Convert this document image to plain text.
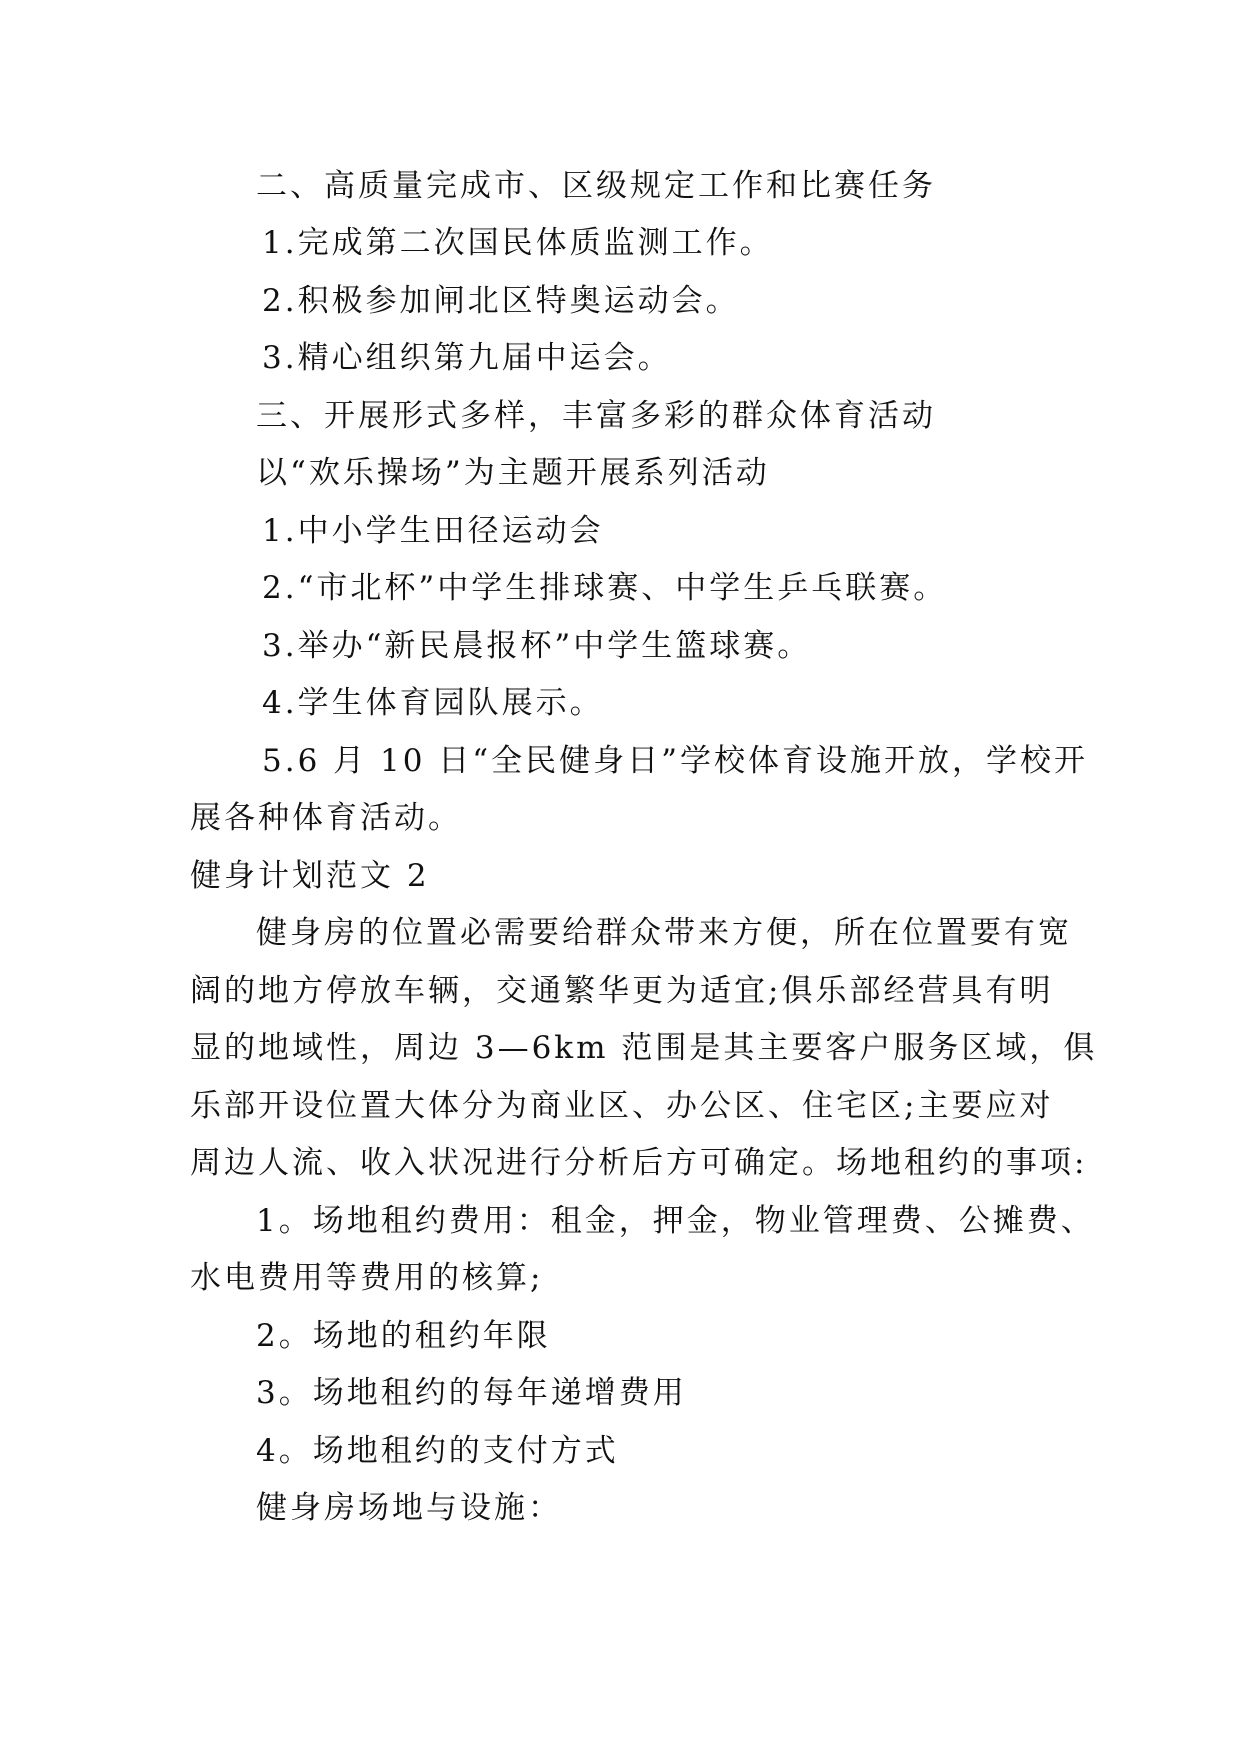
二、高质量完成市、区级规定工作和比赛任务
1.完成第二次国民体质监测工作。
2.积极参加闸北区特奥运动会。
3.精心组织第九届中运会。
三、开展形式多样，丰富多彩的群众体育活动
以“欢乐操场”为主题开展系列活动
1.中小学生田径运动会
2.“市北杯”中学生排球赛、中学生乒乓联赛。
3.举办“新民晨报杯”中学生篮球赛。
4.学生体育园队展示。
5.6 月 10 日“全民健身日”学校体育设施开放，学校开
展各种体育活动。
健身计划范文 2
健身房的位置必需要给群众带来方便，所在位置要有宽
阔的地方停放车辆，交通繁华更为适宜;俱乐部经营具有明
显的地域性，周边 3—6km 范围是其主要客户服务区域，俱
乐部开设位置大体分为商业区、办公区、住宅区;主要应对
周边人流、收入状况进行分析后方可确定。场地租约的事项:
1。场地租约费用：租金，押金，物业管理费、公摊费、
水电费用等费用的核算;
2。场地的租约年限
3。场地租约的每年递增费用
4。场地租约的支付方式
健身房场地与设施：
